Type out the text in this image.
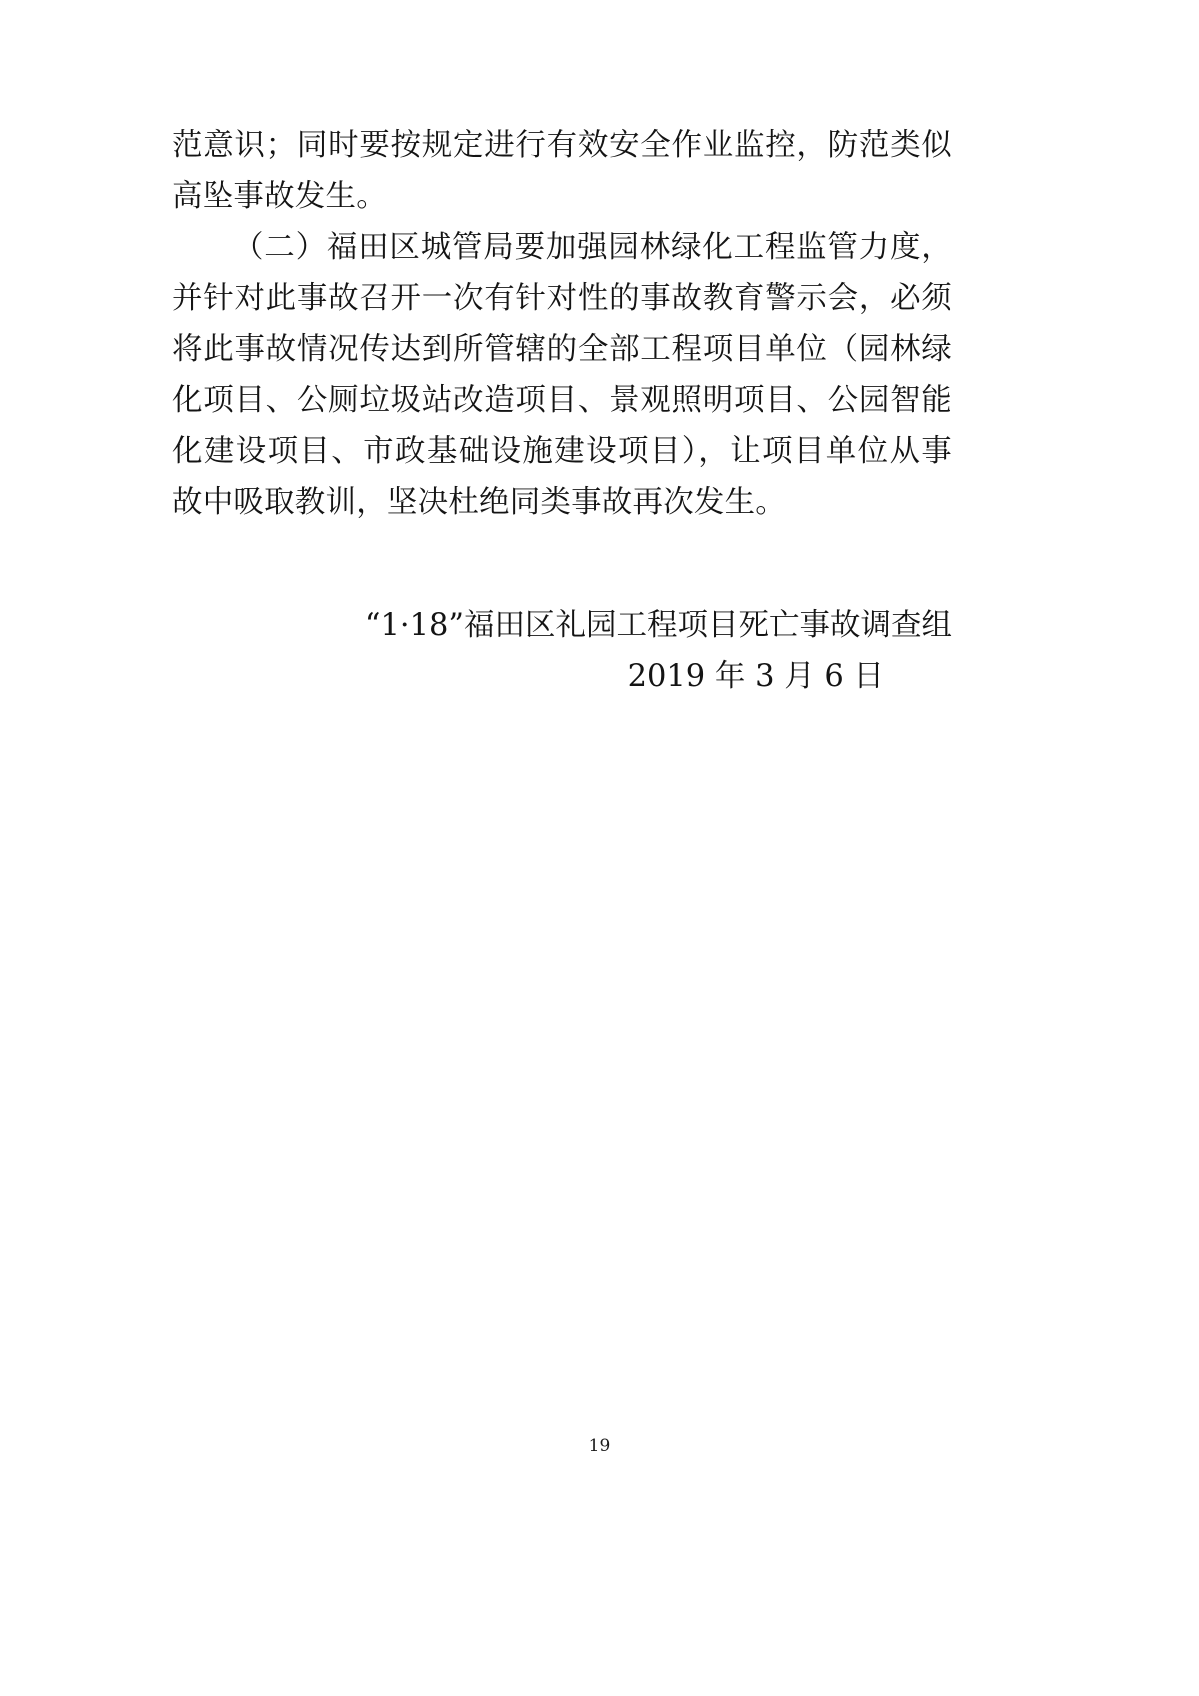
范意识；同时要按规定进行有效安全作业监控，防范类似高坠事故发生。

（二）福田区城管局要加强园林绿化工程监管力度，并针对此事故召开一次有针对性的事故教育警示会，必须将此事故情况传达到所管辖的全部工程项目单位（园林绿化项目、公厕垃圾站改造项目、景观照明项目、公园智能化建设项目、市政基础设施建设项目），让项目单位从事故中吸取教训，坚决杜绝同类事故再次发生。

“1·18”福田区礼园工程项目死亡事故调查组
2019 年 3 月 6 日
19
